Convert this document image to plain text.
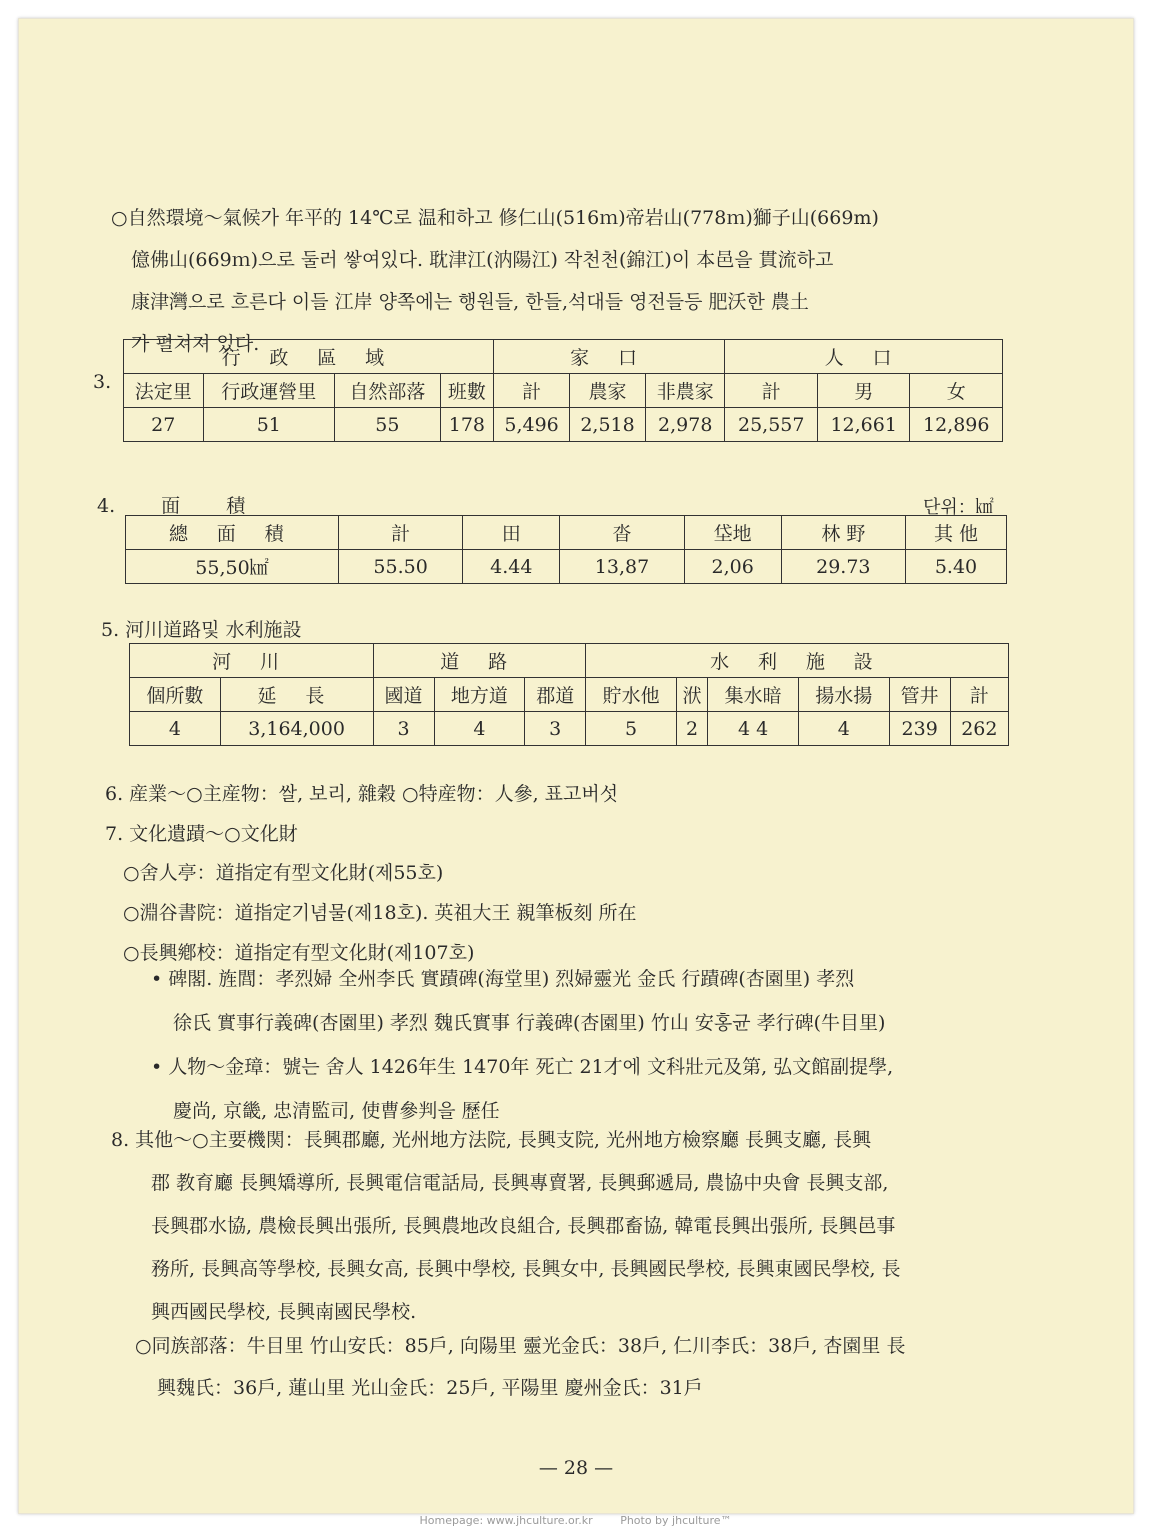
○自然環境～氣候가 年平的 14℃로 温和하고 修仁山(516ｍ)帝岩山(778ｍ)獅子山(669m)
億佛山(669ｍ)으로 둘러 쌓여있다. 耽津江(汭陽江) 작천천(錦江)이 本邑을 貫流하고
康津灣으로 흐른다 이들 江岸 양쪽에는 행원들, 한들,석대들 영전들등 肥沃한 農土
가 펼쳐져 있다.
3.
行 政 區 域				家 口			人 口		
法定里	行政運營里	自然部落	班數	計	農家	非農家	計	男	女
27	51	55	178	5,496	2,518	2,978	25,557	12,661	12,896
4. 面 積	단위：㎢
總 面 積	計	田	沓	垈地	林 野	其 他
55,50㎢	55.50	4.44	13,87	2,06	29.73	5.40
5. 河川道路및 水利施設
河 川		道 路			水 利 施 設					
個所數	延 長	國道	地方道	郡道	貯水他	洑	集水暗	揚水揚	管井	計
4	3,164,000	3	4	3	5	2	4 4	4	239	262
6. 産業～○主産物：쌀, 보리, 雜穀 ○特産物：人參, 표고버섯
7. 文化遺蹟～○文化財
○舍人亭：道指定有型文化財(제55호)
○淵谷書院：道指定기념물(제18호). 英祖大王 親筆板刻 所在
○長興鄕校：道指定有型文化財(제107호)
• 碑閣. 旌閭：孝烈婦 全州李氏 實蹟碑(海堂里) 烈婦靈光 金氏 行蹟碑(杏園里) 孝烈
徐氏 實事行義碑(杏園里) 孝烈 魏氏實事 行義碑(杏園里) 竹山 安홍균 孝行碑(牛目里)
• 人物～金璋：號는 舍人 1426年生 1470年 死亡 21才에 文科壯元及第, 弘文館副提學,
慶尚, 京畿, 忠清監司, 使曹參判을 歷任
8. 其他～○主要機関：長興郡廳, 光州地方法院, 長興支院, 光州地方檢察廳 長興支廳, 長興
郡 教育廳 長興矯導所, 長興電信電話局, 長興專賣署, 長興郵遞局, 農協中央會 長興支部,
長興郡水協, 農檢長興出張所, 長興農地改良組合, 長興郡畜協, 韓電長興出張所, 長興邑事
務所, 長興高等學校, 長興女高, 長興中學校, 長興女中, 長興國民學校, 長興東國民學校, 長
興西國民學校, 長興南國民學校.
○同族部落：牛目里 竹山安氏：85戶, 向陽里 靈光金氏：38戶, 仁川李氏：38戶, 杏園里 長
興魏氏：36戶, 蓮山里 光山金氏：25戶, 平陽里 慶州金氏：31戶
— 28 —
Homepage: www.jhculture.or.kr	Photo by jhculture™
